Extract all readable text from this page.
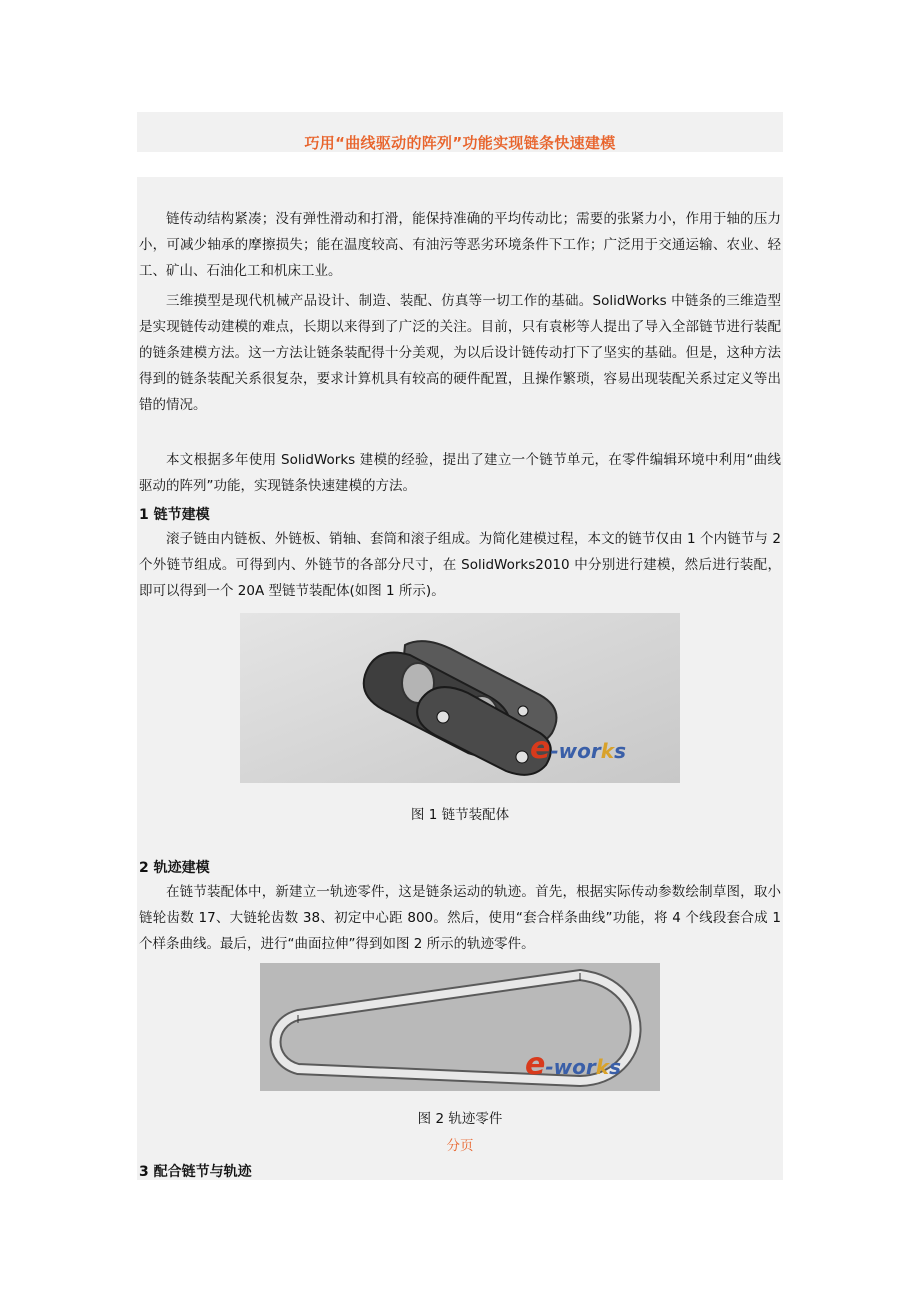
巧用“曲线驱动的阵列”功能实现链条快速建模

链传动结构紧凑；没有弹性滑动和打滑，能保持准确的平均传动比；需要的张紧力小，作用于轴的压力小，可减少轴承的摩擦损失；能在温度较高、有油污等恶劣环境条件下工作；广泛用于交通运输、农业、轻工、矿山、石油化工和机床工业。

三维摸型是现代机械产品设计、制造、装配、仿真等一切工作的基础。SolidWorks 中链条的三维造型是实现链传动建模的难点，长期以来得到了广泛的关注。目前，只有袁彬等人提出了导入全部链节进行装配的链条建模方法。这一方法让链条装配得十分美观，为以后设计链传动打下了坚实的基础。但是，这种方法得到的链条装配关系很复杂，要求计算机具有较高的硬件配置，且操作繁琐，容易出现装配关系过定义等出错的情况。

本文根据多年使用 SolidWorks 建模的经验，提出了建立一个链节单元，在零件编辑环境中利用“曲线驱动的阵列”功能，实现链条快速建模的方法。

1 链节建模

滚子链由内链板、外链板、销轴、套筒和滚子组成。为简化建模过程，本文的链节仅由 1 个内链节与 2 个外链节组成。可得到内、外链节的各部分尺寸，在 SolidWorks2010 中分别进行建模，然后进行装配，即可以得到一个 20A 型链节装配体(如图 1 所示)。

e-works
图 1 链节装配体
2 轨迹建模

在链节装配体中，新建立一轨迹零件，这是链条运动的轨迹。首先，根据实际传动参数绘制草图，取小链轮齿数 17、大链轮齿数 38、初定中心距 800。然后，使用“套合样条曲线”功能，将 4 个线段套合成 1 个样条曲线。最后，进行“曲面拉伸”得到如图 2 所示的轨迹零件。

e-works
图 2 轨迹零件
分页
3 配合链节与轨迹
